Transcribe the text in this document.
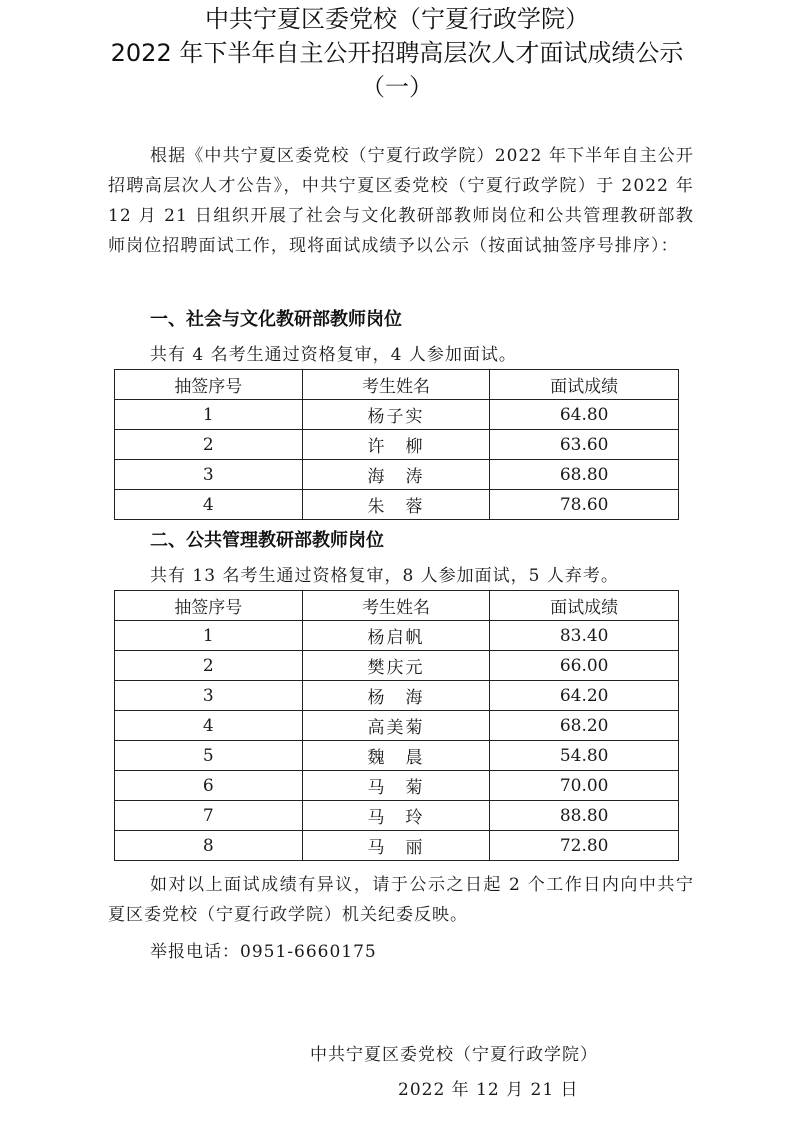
中共宁夏区委党校（宁夏行政学院）
2022 年下半年自主公开招聘高层次人才面试成绩公示
（一）
根据《中共宁夏区委党校（宁夏行政学院）2022 年下半年自主公开招聘高层次人才公告》，中共宁夏区委党校（宁夏行政学院）于 2022 年 12 月 21 日组织开展了社会与文化教研部教师岗位和公共管理教研部教师岗位招聘面试工作，现将面试成绩予以公示（按面试抽签序号排序）：
一、社会与文化教研部教师岗位
共有 4 名考生通过资格复审，4 人参加面试。
抽签序号	考生姓名	面试成绩
1	杨子实	64.80
2	许　柳	63.60
3	海　涛	68.80
4	朱　蓉	78.60
二、公共管理教研部教师岗位
共有 13 名考生通过资格复审，8 人参加面试，5 人弃考。
抽签序号	考生姓名	面试成绩
1	杨启帆	83.40
2	樊庆元	66.00
3	杨　海	64.20
4	高美菊	68.20
5	魏　晨	54.80
6	马　菊	70.00
7	马　玲	88.80
8	马　丽	72.80
如对以上面试成绩有异议，请于公示之日起 2 个工作日内向中共宁夏区委党校（宁夏行政学院）机关纪委反映。
举报电话：0951-6660175
中共宁夏区委党校（宁夏行政学院）
2022 年 12 月 21 日
